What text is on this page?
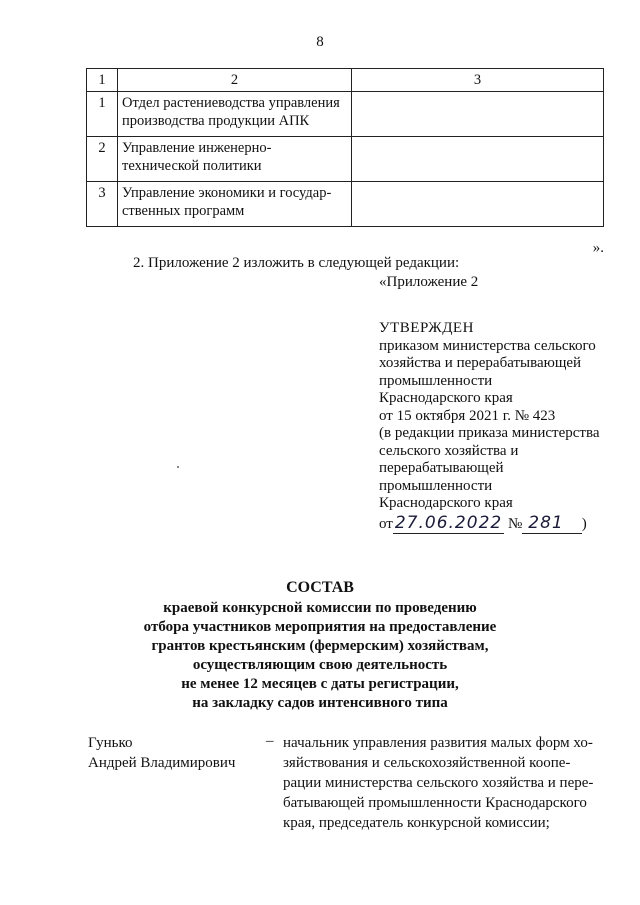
8
1	2	3
1	Отдел растениеводства управления производства продукции АПК	
2	Управление инженерно-
технической политики	
3	Управление экономики и государ-
ственных программ	
».
2. Приложение 2 изложить в следующей редакции:
«Приложение 2
УТВЕРЖДЕН
приказом министерства сельского
хозяйства и перерабатывающей
промышленности
Краснодарского края
от 15 октября 2021 г. № 423
(в редакции приказа министерства
сельского хозяйства и
перерабатывающей
промышленности
Краснодарского края
от 27.06.2022 № 281 )
СОСТАВ
краевой конкурсной комиссии по проведению
отбора участников мероприятия на предоставление
грантов крестьянским (фермерским) хозяйствам,
осуществляющим свою деятельность
не менее 12 месяцев с даты регистрации,
на закладку садов интенсивного типа
Гунько
Андрей Владимирович
– начальник управления развития малых форм хо-
зяйствования и сельскохозяйственной коопе-
рации министерства сельского хозяйства и пере-
батывающей промышленности Краснодарского
края, председатель конкурсной комиссии;
